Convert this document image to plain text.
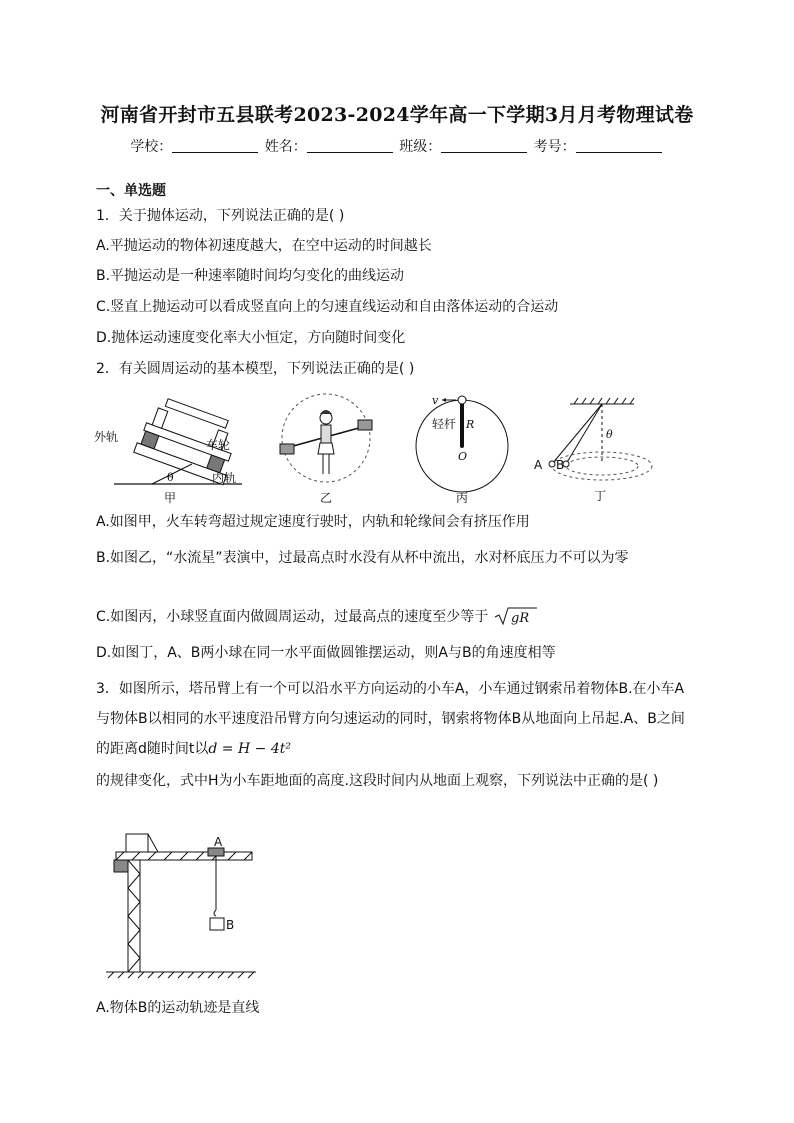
河南省开封市五县联考2023-2024学年高一下学期3月月考物理试卷
学校：	姓名：	班级：	考号：
一、单选题
1．关于抛体运动，下列说法正确的是( )
A.平抛运动的物体初速度越大，在空中运动的时间越长
B.平抛运动是一种速率随时间均匀变化的曲线运动
C.竖直上抛运动可以看成竖直向上的匀速直线运动和自由落体运动的合运动
D.抛体运动速度变化率大小恒定，方向随时间变化
2．有关圆周运动的基本模型，下列说法正确的是( )
θ
外轨
车轮
内轨
甲	乙
v
轻杆 R
O
丙
θ
A B
丁
A.如图甲，火车转弯超过规定速度行驶时，内轨和轮缘间会有挤压作用
B.如图乙，“水流星”表演中，过最高点时水没有从杯中流出，水对杯底压力不可以为零
C.如图丙，小球竖直面内做圆周运动，过最高点的速度至少等于 gR
D.如图丁，A、B两小球在同一水平面做圆锥摆运动，则A与B的角速度相等
3．如图所示，塔吊臂上有一个可以沿水平方向运动的小车A，小车通过钢索吊着物体B.在小车A与物体B以相同的水平速度沿吊臂方向匀速运动的同时，钢索将物体B从地面向上吊起.A、B之间的距离d随时间t以d = H − 4t²
的规律变化，式中H为小车距地面的高度.这段时间内从地面上观察，下列说法中正确的是( )
A
B
A.物体B的运动轨迹是直线
